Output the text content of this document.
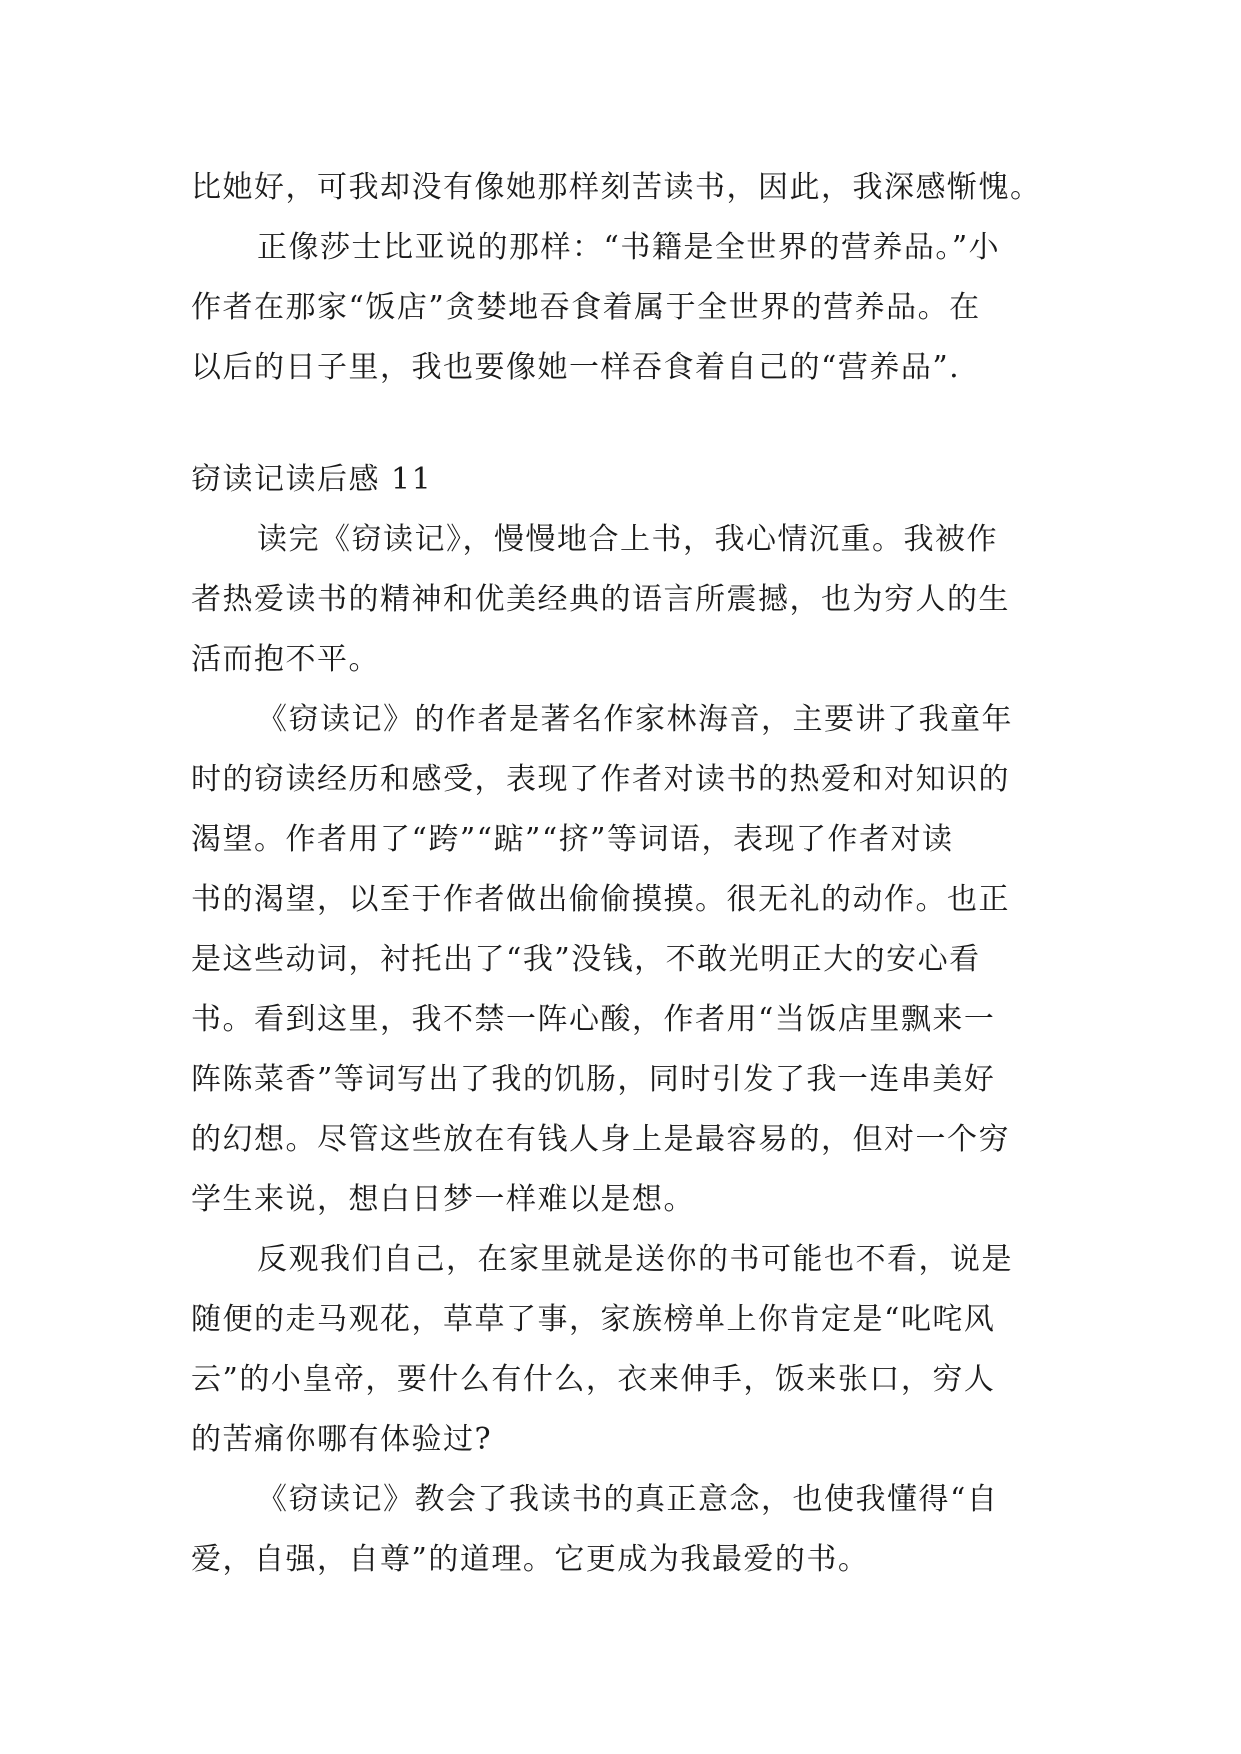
比她好，可我却没有像她那样刻苦读书，因此，我深感惭愧。
正像莎士比亚说的那样：“书籍是全世界的营养品。”小
作者在那家“饭店”贪婪地吞食着属于全世界的营养品。在
以后的日子里，我也要像她一样吞食着自己的“营养品”.
窃读记读后感 11
读完《窃读记》，慢慢地合上书，我心情沉重。我被作
者热爱读书的精神和优美经典的语言所震撼，也为穷人的生
活而抱不平。
《窃读记》的作者是著名作家林海音，主要讲了我童年
时的窃读经历和感受，表现了作者对读书的热爱和对知识的
渴望。作者用了“跨”“踮”“挤”等词语，表现了作者对读
书的渴望，以至于作者做出偷偷摸摸。很无礼的动作。也正
是这些动词，衬托出了“我”没钱，不敢光明正大的安心看
书。看到这里，我不禁一阵心酸，作者用“当饭店里飘来一
阵陈菜香”等词写出了我的饥肠，同时引发了我一连串美好
的幻想。尽管这些放在有钱人身上是最容易的，但对一个穷
学生来说，想白日梦一样难以是想。
反观我们自己，在家里就是送你的书可能也不看，说是
随便的走马观花，草草了事，家族榜单上你肯定是“叱咤风
云”的小皇帝，要什么有什么，衣来伸手，饭来张口，穷人
的苦痛你哪有体验过?
《窃读记》教会了我读书的真正意念，也使我懂得“自
爱，自强，自尊”的道理。它更成为我最爱的书。
